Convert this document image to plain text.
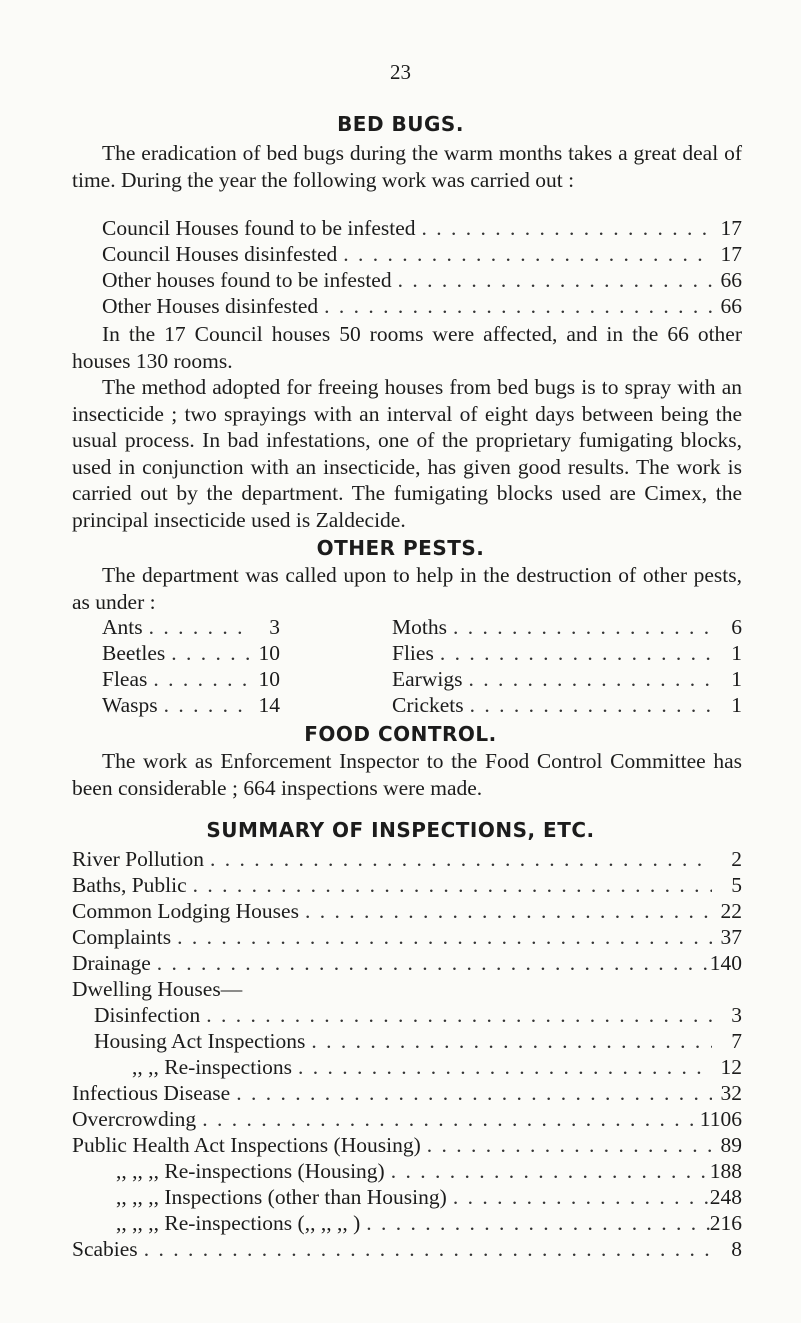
23
BED BUGS.

The eradication of bed bugs during the warm months takes a great deal of time. During the year the following work was carried out :

Council Houses found to be infested . . .	17
Council Houses disinfested . . .	17
Other houses found to be infested . . .	66
Other Houses disinfested . . .	66

In the 17 Council houses 50 rooms were affected, and in the 66 other houses 130 rooms.

The method adopted for freeing houses from bed bugs is to spray with an insecticide ; two sprayings with an interval of eight days between being the usual process. In bad infestations, one of the proprietary fumigating blocks, used in conjunction with an insecticide, has given good results. The work is carried out by the department. The fumigating blocks used are Cimex, the principal insecticide used is Zaldecide.

OTHER PESTS.

The department was called upon to help in the destruction of other pests, as under :

Ants . . .	3
Beetles . . .	10
Fleas . . .	10
Wasps . . .	14
Moths . . .	6
Flies . . .	1
Earwigs . . .	1
Crickets . . .	1
FOOD CONTROL.

The work as Enforcement Inspector to the Food Control Committee has been considerable ; 664 inspections were made.

SUMMARY OF INSPECTIONS, ETC.
River Pollution . . .	2
Baths, Public . . .	5
Common Lodging Houses . . .	22
Complaints . . .	37
Drainage . . .	140
Dwelling Houses—
Disinfection . . .	3
Housing Act Inspections . . .	7
,, ,, Re-inspections . . .	12
Infectious Disease . . .	32
Overcrowding . . .	1106
Public Health Act Inspections (Housing) . . .	89
,, ,, ,, Re-inspections (Housing) . . .	188
,, ,, ,, Inspections (other than Housing) . . .	248
,, ,, ,, Re-inspections (,, ,, ,, ) . . .	216
Scabies . . .	8
